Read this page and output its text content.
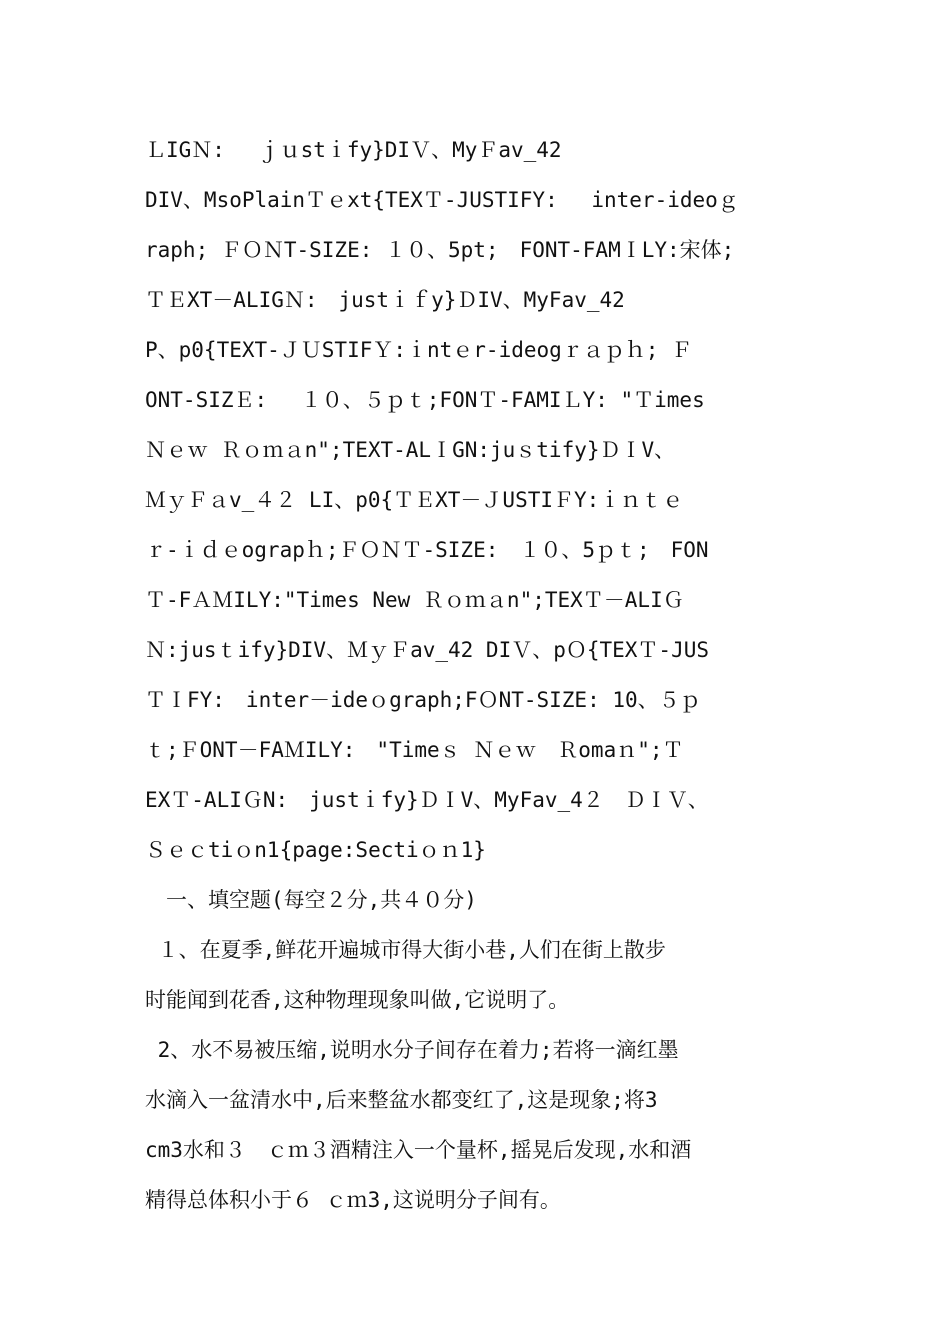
ＬIGＮ:　 ｊｕstｉfy}DIＶ、MyＦav_42
DIV、MsoPlainＴｅxt{TEXＴ-JUSTIFY:　 inter-ideoｇ
raph; ＦＯＮT-SIZE: １０、5pt;　FONT-FAMＩLY:宋体;
ＴＥXT－ALIGＮ:　justｉｆy}ＤIV、MyFav_42
P、p0{TEXT-ＪＵSTIFＹ:ｉntｅr-ideogｒａｐｈ; Ｆ
ONT-SIZＥ:　 １０、５ｐｔ;FONＴ-FAMIＬY: "Ｔimes
Ｎｅｗ Ｒｏｍａn";TEXT-ALＩGN:juｓtify}ＤＩV、
ＭｙＦａv_４２ LI、p0{ＴＥXT－ＪUSTIＦY:ｉｎｔｅ
ｒ-ｉｄｅograpｈ;ＦＯＮＴ-SIZE:　１０、5ｐｔ;　FON
Ｔ-FＡＭILY:"Times New Ｒｏｍａn";TEXＴ－ALIＧ
Ｎ:jusｔify}DIV、ＭｙＦav_42 DIＶ、pＯ{TEXＴ-JUS
ＴＩFY:　inter－ideｏgraph;FＯNT-SIZE: 10、５ｐ
ｔ;ＦONT－FAＭILY:　"Timeｓ Ｎｅｗ　Ｒomaｎ";Ｔ
EXＴ-ALIＧN:　justｉfy}ＤＩV、MyFav_4２　ＤＩＶ、
Ｓｅｃtiｏn1{page:Sectiｏｎ1}
　一、填空题(每空２分,共４０分)
１、在夏季,鲜花开遍城市得大街小巷,人们在街上散步
时能闻到花香,这种物理现象叫做,它说明了。
2、水不易被压缩,说明水分子间存在着力;若将一滴红墨
水滴入一盆清水中,后来整盆水都变红了,这是现象;将3
cm3水和３　ｃｍ３酒精注入一个量杯,摇晃后发现,水和酒
精得总体积小于６ ｃｍ3,这说明分子间有。
